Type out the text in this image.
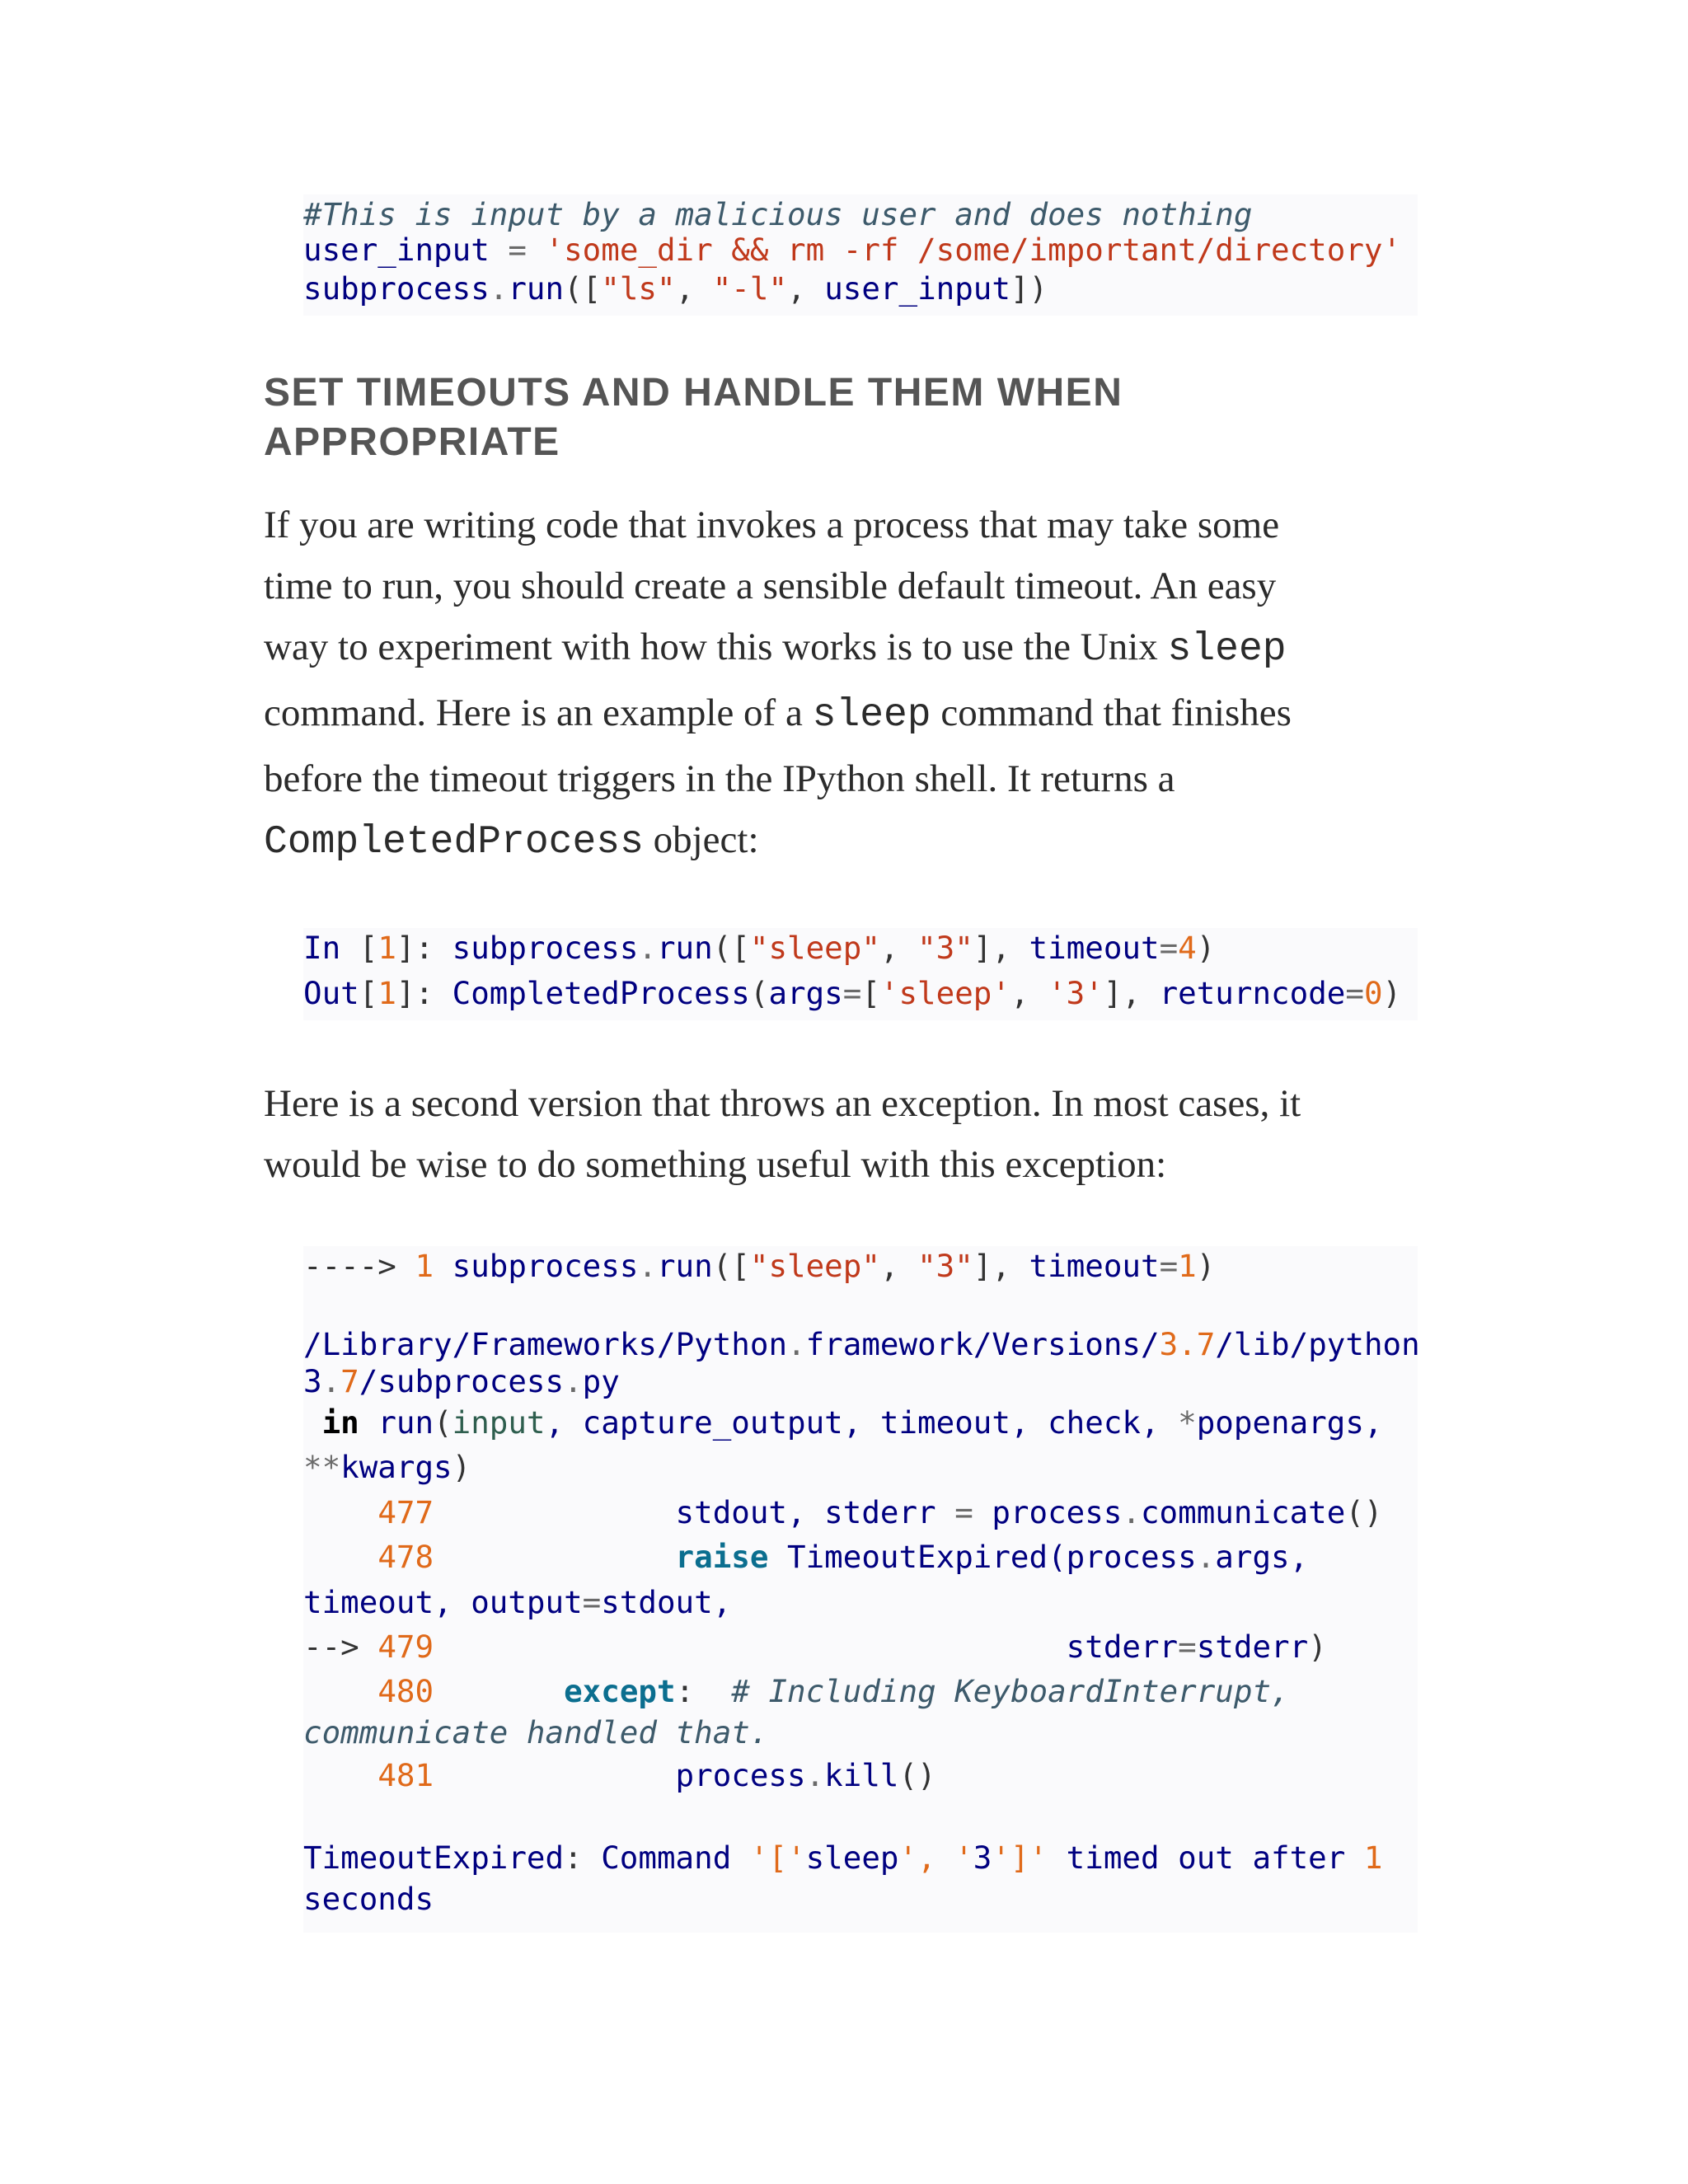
#This is input by a malicious user and does nothing
user_input = 'some_dir && rm -rf /some/important/directory'
subprocess.run(["ls", "-l", user_input])
SET TIMEOUTS AND HANDLE THEM WHEN
APPROPRIATE
If you are writing code that invokes a process that may take some
time to run, you should create a sensible default timeout. An easy
way to experiment with how this works is to use the Unix sleep
command. Here is an example of a sleep command that finishes
before the timeout triggers in the IPython shell. It returns a
CompletedProcess object:
In [1]: subprocess.run(["sleep", "3"], timeout=4)
Out[1]: CompletedProcess(args=['sleep', '3'], returncode=0)
Here is a second version that throws an exception. In most cases, it
would be wise to do something useful with this exception:
----> 1 subprocess.run(["sleep", "3"], timeout=1)
/Library/Frameworks/Python.framework/Versions/3.7/lib/python
3.7/subprocess.py
in run(input, capture_output, timeout, check, *popenargs,
**kwargs)
477	stdout, stderr = process.communicate()
478	raise TimeoutExpired(process.args,
timeout, output=stdout,
--> 479	stderr=stderr)
480	except:  # Including KeyboardInterrupt,
communicate handled that.
481	process.kill()
TimeoutExpired: Command '['sleep', '3']' timed out after 1
seconds
